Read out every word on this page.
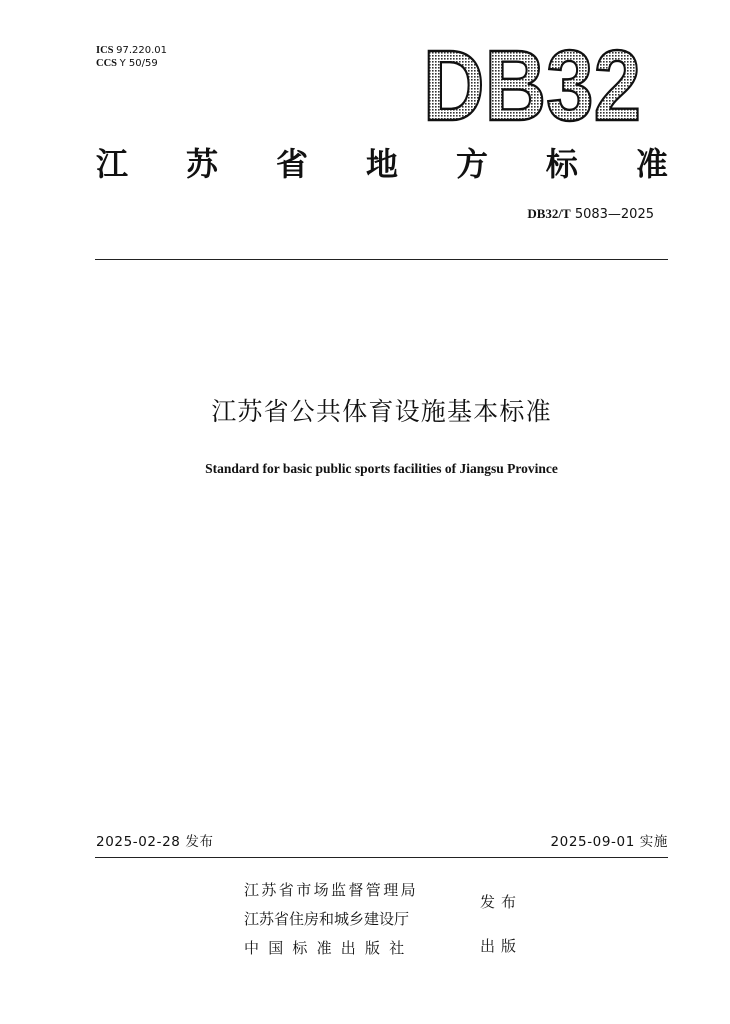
ICS 97.220.01
CCS Y 50/59	DB32
江 苏 省 地 方 标 准
DB32/T 5083—2025
江苏省公共体育设施基本标准
Standard for basic public sports facilities of Jiangsu Province
2025-02-28 发布	2025-09-01 实施
江苏省市场监督管理局
江苏省住房和城乡建设厅
中国标准出版社
发布
出版
